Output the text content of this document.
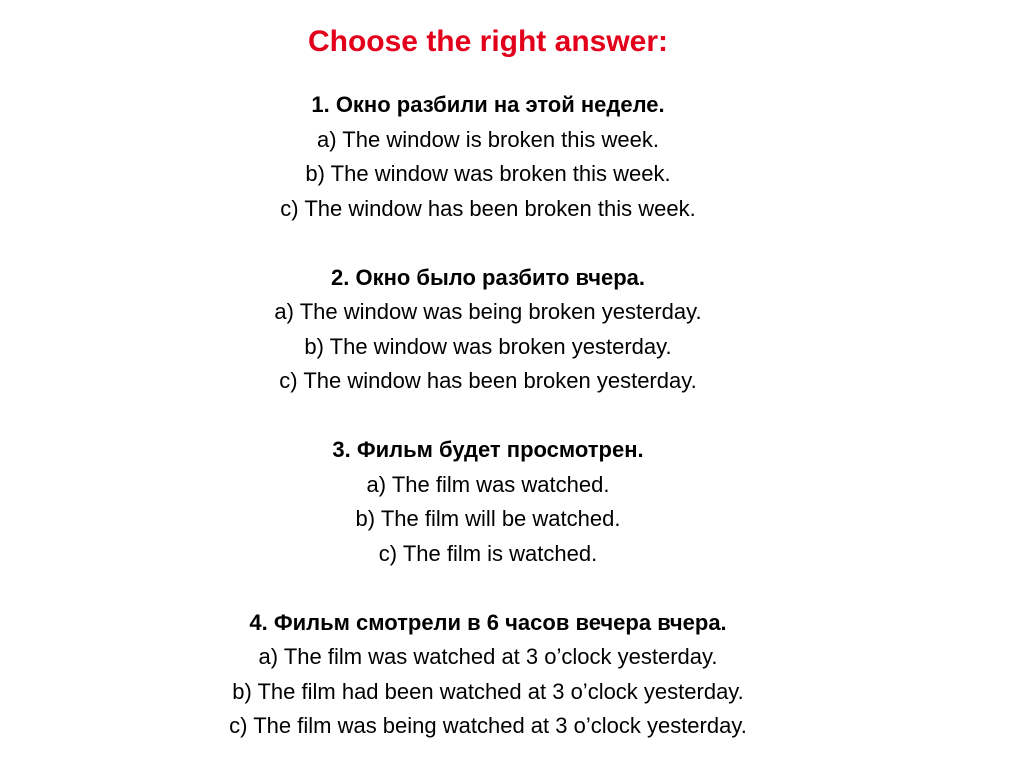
Choose the right answer:
1. Окно разбили на этой неделе.
a ) The window is broken this week.
b ) The window was broken this week.
c ) The window has been broken this week.
2. Окно было разбито вчера.
a ) The window was being broken yesterday.
b ) The window was broken yesterday.
c ) The window has been broken yesterday.
3. Фильм будет просмотрен.
a ) The film was watched.
b ) The film will be watched.
c ) The film is watched.
4. Фильм смотрели в 6 часов вечера вчера.
a ) The film was watched at 3 o’clock yesterday.
b ) The film had been watched at 3 o’clock yesterday.
c ) The film was being watched at 3 o’clock yesterday.
